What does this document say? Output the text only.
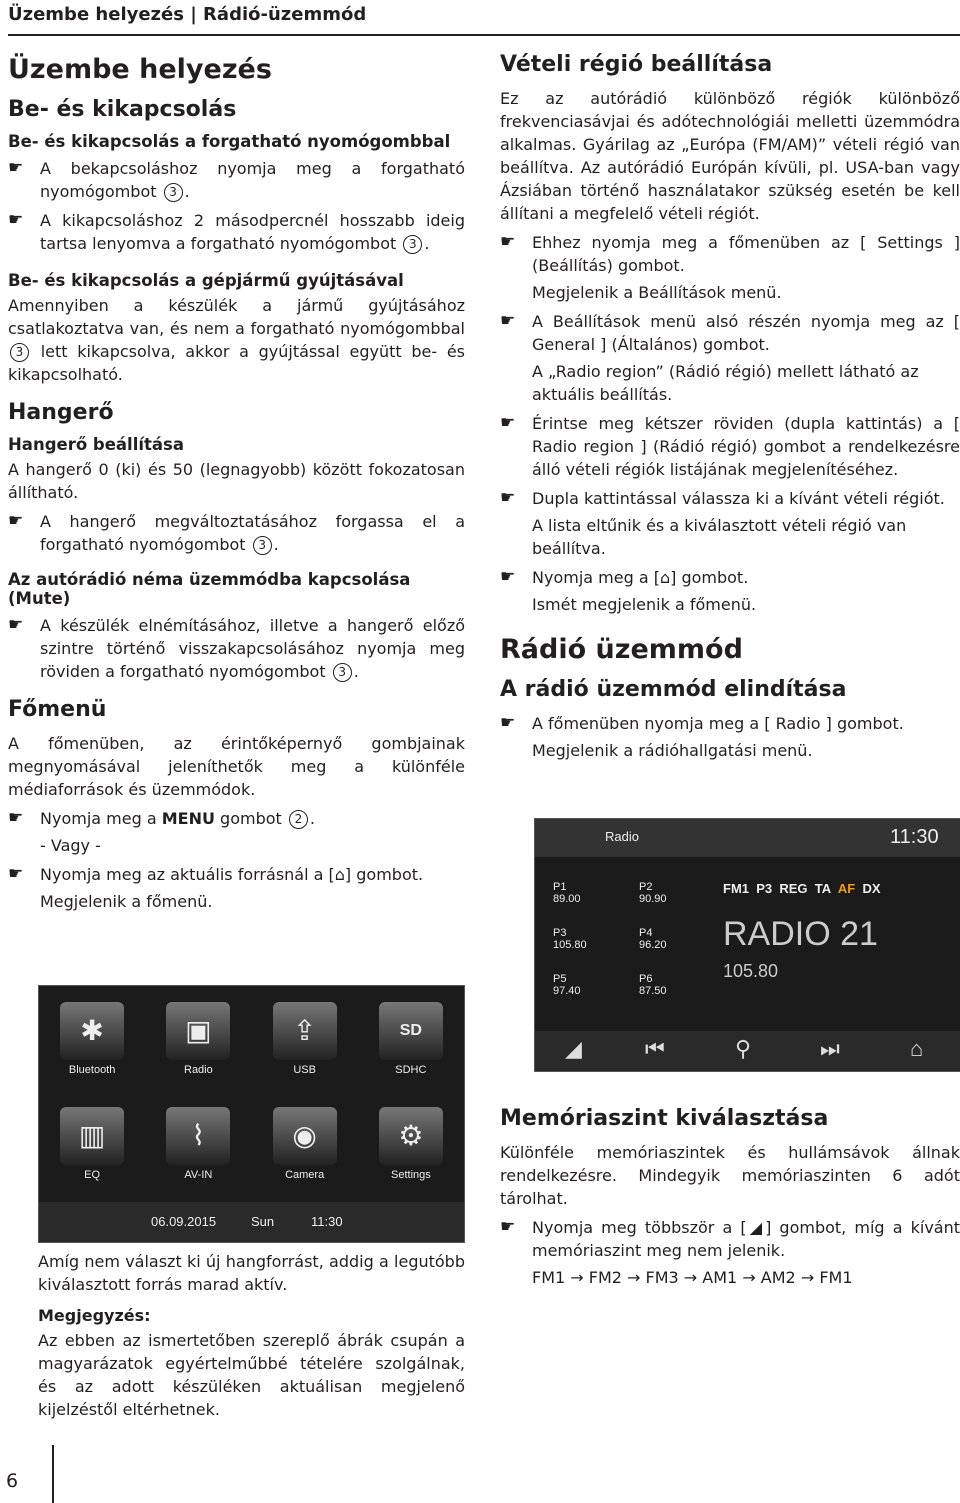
Üzembe helyezés | Rádió-üzemmód
Üzembe helyezés
Be- és kikapcsolás
Be- és kikapcsolás a forgatható nyomógombbal
☛ A bekapcsoláshoz nyomja meg a forgatható nyomógombot 3 .
☛ A kikapcsoláshoz 2 másodpercnél hosszabb ideig tartsa lenyomva a forgatható nyomógombot 3 .
Be- és kikapcsolás a gépjármű gyújtásával
Amennyiben a készülék a jármű gyújtásához csatlakoztatva van, és nem a forgatható nyomógombbal 3 lett kikapcsolva, akkor a gyújtással együtt be- és kikapcsolható.
Hangerő
Hangerő beállítása
A hangerő 0 (ki) és 50 (legnagyobb) között fokozatosan állítható.
☛ A hangerő megváltoztatásához forgassa el a forgatható nyomógombot 3 .
Az autórádió néma üzemmódba kapcsolása (Mute)
☛ A készülék elnémításához, illetve a hangerő előző szintre történő visszakapcsolásához nyomja meg röviden a forgatható nyomógombot 3 .
Főmenü
A főmenüben, az érintőképernyő gombjainak megnyomásával jeleníthetők meg a különféle médiaforrások és üzemmódok.
☛ Nyomja meg a MENU gombot 2 .
- Vagy -
☛ Nyomja meg az aktuális forrásnál a [⌂] gombot.
Megjelenik a főmenü.
✱
Bluetooth
▣
Radio
⇪
USB
SD
SDHC
▥
EQ
⌇
AV-IN
◉
Camera
⚙
Settings
06.09.2015	Sun	11:30
Amíg nem választ ki új hangforrást, addig a legutóbb kiválasztott forrás marad aktív.
Megjegyzés:
Az ebben az ismertetőben szereplő ábrák csupán a magyarázatok egyértelműbbé tételére szolgálnak, és az adott készüléken aktuálisan megjelenő kijelzéstől eltérhetnek.
Vételi régió beállítása
Ez az autórádió különböző régiók különböző frekvenciasávjai és adótechnológiái melletti üzemmódra alkalmas. Gyárilag az „Európa (FM/AM)” vételi régió van beállítva. Az autórádió Európán kívüli, pl. USA-ban vagy Ázsiában történő használatakor szükség esetén be kell állítani a megfelelő vételi régiót.
☛ Ehhez nyomja meg a főmenüben az [ Settings ] (Beállítás) gombot.
Megjelenik a Beállítások menü.
☛ A Beállítások menü alsó részén nyomja meg az [ General ] (Általános) gombot.
A „Radio region” (Rádió régió) mellett látható az aktuális beállítás.
☛ Érintse meg kétszer röviden (dupla kattintás) a [ Radio region ] (Rádió régió) gombot a rendelkezésre álló vételi régiók listájának megjelenítéséhez.
☛ Dupla kattintással válassza ki a kívánt vételi régiót.
A lista eltűnik és a kiválasztott vételi régió van beállítva.
☛ Nyomja meg a [⌂] gombot.
Ismét megjelenik a főmenü.
Rádió üzemmód
A rádió üzemmód elindítása
☛ A főmenüben nyomja meg a [ Radio ] gombot.
Megjelenik a rádióhallgatási menü.
Radio	11:30
P1
89.00
P2
90.90
P3
105.80
P4
96.20
P5
97.40
P6
87.50
FM1 P3 REG TA AF DX
RADIO 21
105.80
◢	⏮	⚲	⏭	⌂
Memóriaszint kiválasztása
Különféle memóriaszintek és hullámsávok állnak rendelkezésre. Mindegyik memóriaszinten 6 adót tárolhat.
☛ Nyomja meg többször a [◢] gombot, míg a kívánt memóriaszint meg nem jelenik.
FM1 → FM2 → FM3 → AM1 → AM2 → FM1
6
